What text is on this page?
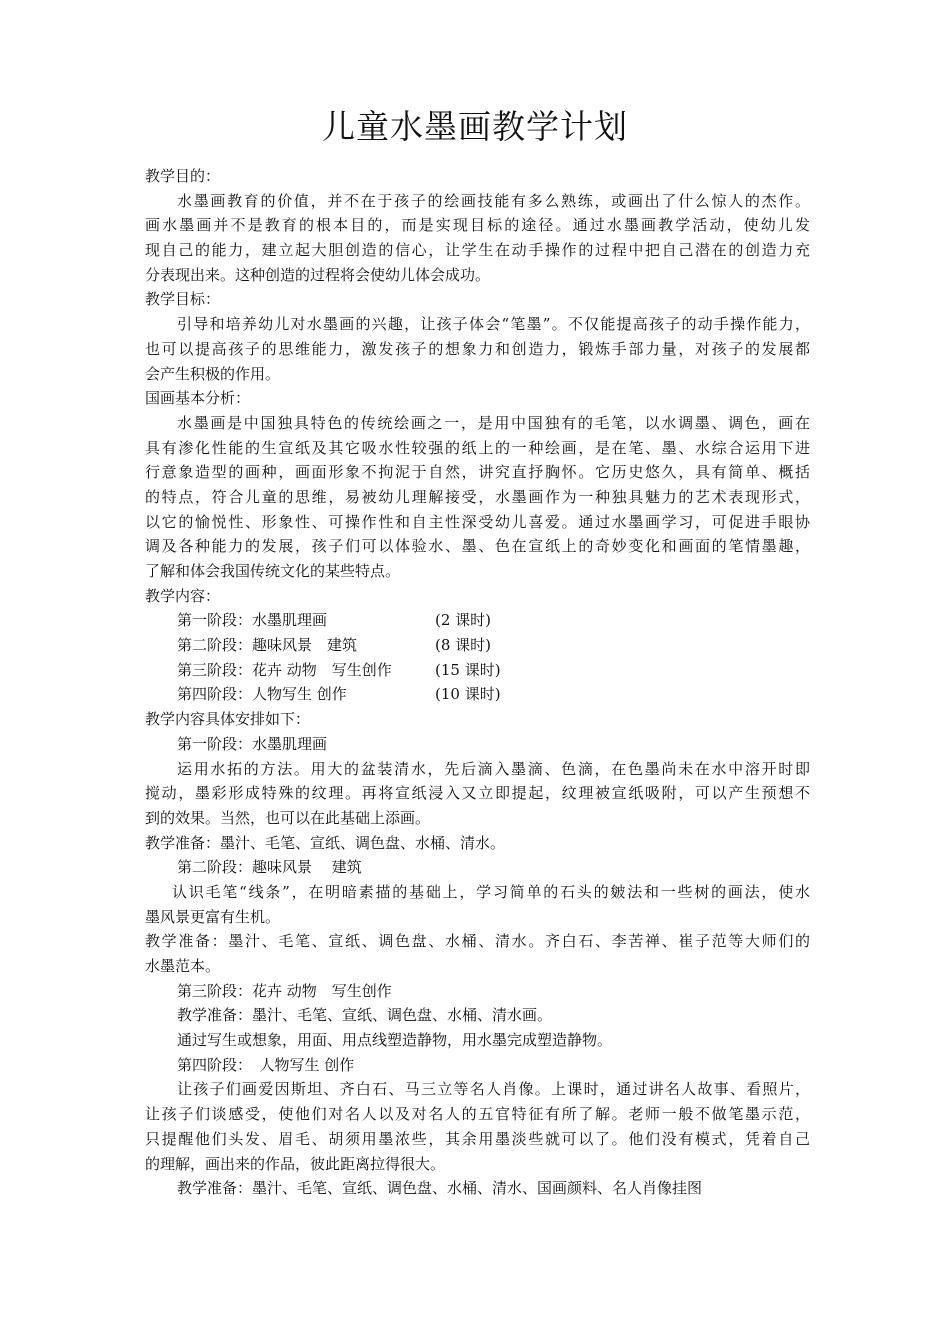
儿童水墨画教学计划
教学目的：
水墨画教育的价值，并不在于孩子的绘画技能有多么熟练，或画出了什么惊人的杰作。
画水墨画并不是教育的根本目的，而是实现目标的途径。通过水墨画教学活动，使幼儿发
现自己的能力，建立起大胆创造的信心，让学生在动手操作的过程中把自己潜在的创造力充
分表现出来。这种创造的过程将会使幼儿体会成功。
教学目标：
引导和培养幼儿对水墨画的兴趣，让孩子体会“笔墨”。不仅能提高孩子的动手操作能力，
也可以提高孩子的思维能力，激发孩子的想象力和创造力，锻炼手部力量，对孩子的发展都
会产生积极的作用。
国画基本分析：
水墨画是中国独具特色的传统绘画之一，是用中国独有的毛笔，以水调墨、调色，画在
具有渗化性能的生宣纸及其它吸水性较强的纸上的一种绘画，是在笔、墨、水综合运用下进
行意象造型的画种，画面形象不拘泥于自然，讲究直抒胸怀。它历史悠久，具有简单、概括
的特点，符合儿童的思维，易被幼儿理解接受，水墨画作为一种独具魅力的艺术表现形式，
以它的愉悦性、形象性、可操作性和自主性深受幼儿喜爱。通过水墨画学习，可促进手眼协
调及各种能力的发展，孩子们可以体验水、墨、色在宣纸上的奇妙变化和画面的笔情墨趣，
了解和体会我国传统文化的某些特点。
教学内容：
第一阶段：水墨肌理画	(2 课时)
第二阶段：趣味风景　建筑	(8 课时)
第三阶段：花卉 动物　写生创作	(15 课时)
第四阶段：人物写生 创作	(10 课时)
教学内容具体安排如下：
第一阶段：水墨肌理画
运用水拓的方法。用大的盆装清水，先后滴入墨滴、色滴，在色墨尚未在水中溶开时即
搅动，墨彩形成特殊的纹理。再将宣纸浸入又立即提起，纹理被宣纸吸附，可以产生预想不
到的效果。当然，也可以在此基础上添画。
教学准备：墨汁、毛笔、宣纸、调色盘、水桶、清水。
第二阶段：趣味风景　 建筑
认识毛笔“线条”，在明暗素描的基础上，学习简单的石头的皴法和一些树的画法，使水
墨风景更富有生机。
教学准备：墨汁、毛笔、宣纸、调色盘、水桶、清水。齐白石、李苦禅、崔子范等大师们的
水墨范本。
第三阶段：花卉 动物　写生创作
教学准备：墨汁、毛笔、宣纸、调色盘、水桶、清水画。
通过写生或想象，用面、用点线塑造静物，用水墨完成塑造静物。
第四阶段：　人物写生 创作
让孩子们画爱因斯坦、齐白石、马三立等名人肖像。上课时，通过讲名人故事、看照片，
让孩子们谈感受，使他们对名人以及对名人的五官特征有所了解。老师一般不做笔墨示范，
只提醒他们头发、眉毛、胡须用墨浓些，其余用墨淡些就可以了。他们没有模式，凭着自己
的理解，画出来的作品，彼此距离拉得很大。
教学准备：墨汁、毛笔、宣纸、调色盘、水桶、清水、国画颜料、名人肖像挂图
